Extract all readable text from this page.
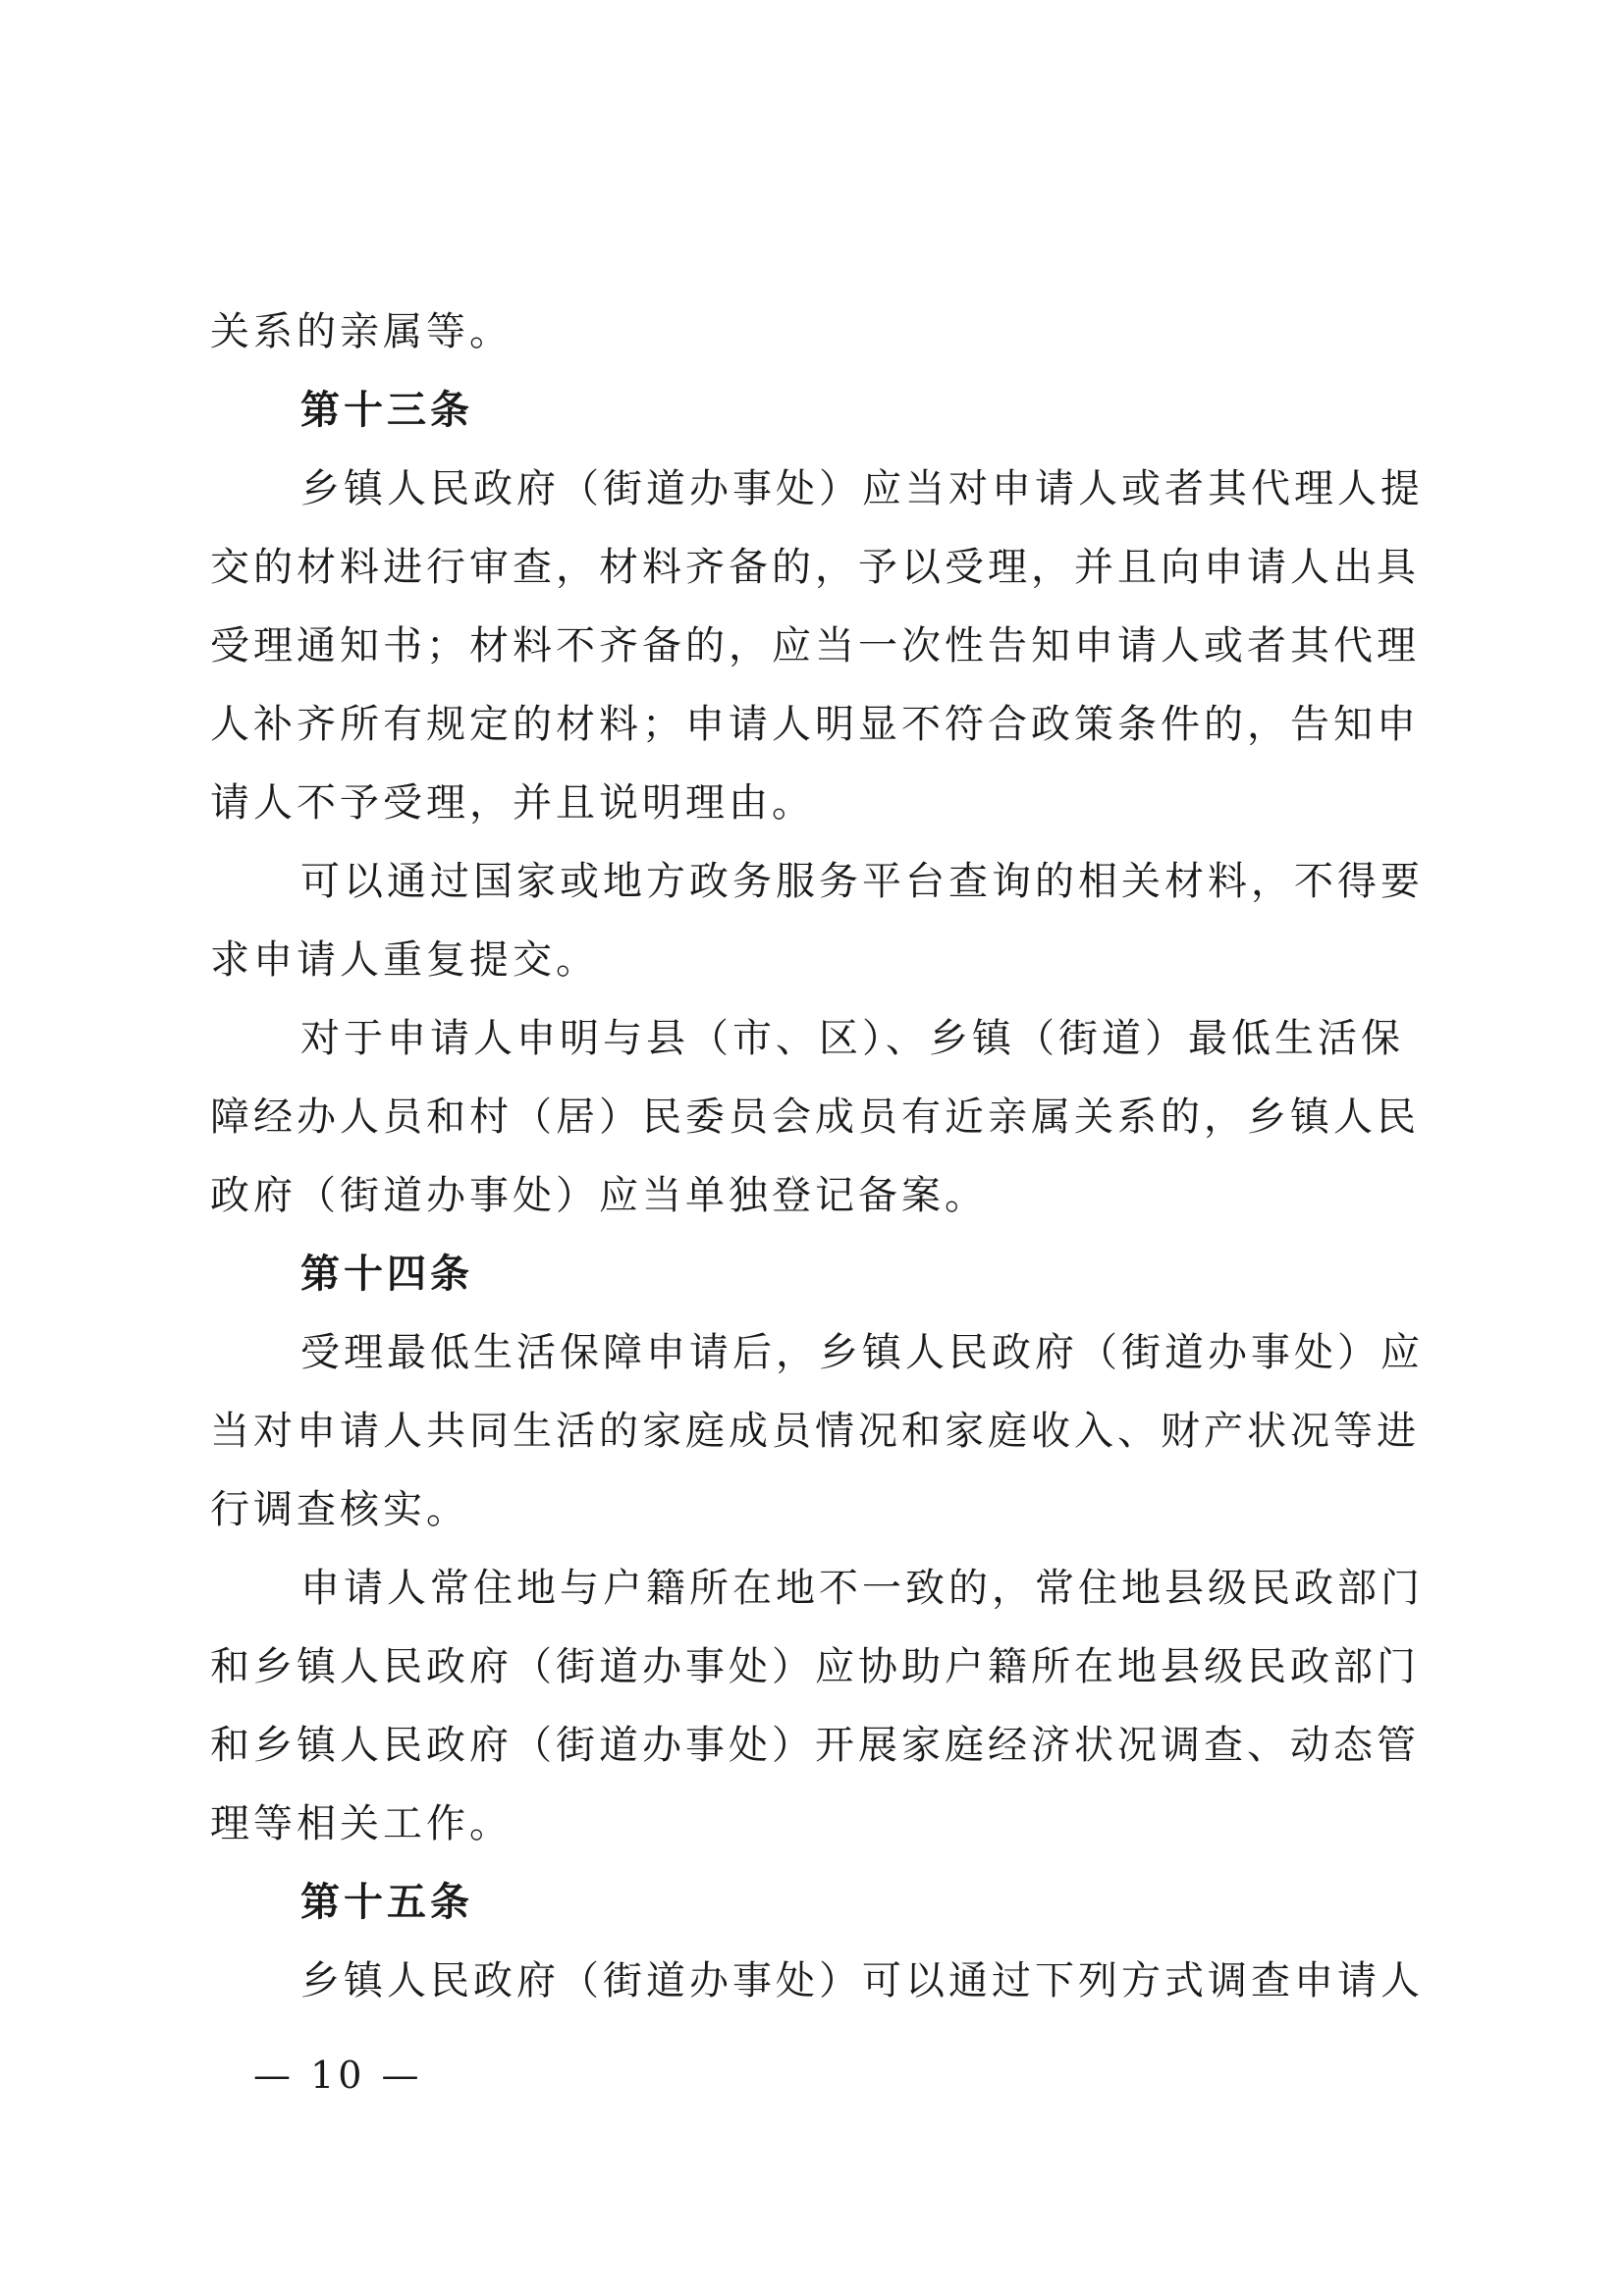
关系的亲属等。
第十三条
乡镇人民政府（街道办事处）应当对申请人或者其代理人提
交的材料进行审查，材料齐备的，予以受理，并且向申请人出具
受理通知书；材料不齐备的，应当一次性告知申请人或者其代理
人补齐所有规定的材料；申请人明显不符合政策条件的，告知申
请人不予受理，并且说明理由。
可以通过国家或地方政务服务平台查询的相关材料，不得要
求申请人重复提交。
对于申请人申明与县（市、区）、乡镇（街道）最低生活保
障经办人员和村（居）民委员会成员有近亲属关系的，乡镇人民
政府（街道办事处）应当单独登记备案。
第十四条
受理最低生活保障申请后，乡镇人民政府（街道办事处）应
当对申请人共同生活的家庭成员情况和家庭收入、财产状况等进
行调查核实。
申请人常住地与户籍所在地不一致的，常住地县级民政部门
和乡镇人民政府（街道办事处）应协助户籍所在地县级民政部门
和乡镇人民政府（街道办事处）开展家庭经济状况调查、动态管
理等相关工作。
第十五条
乡镇人民政府（街道办事处）可以通过下列方式调查申请人
— 10 —
